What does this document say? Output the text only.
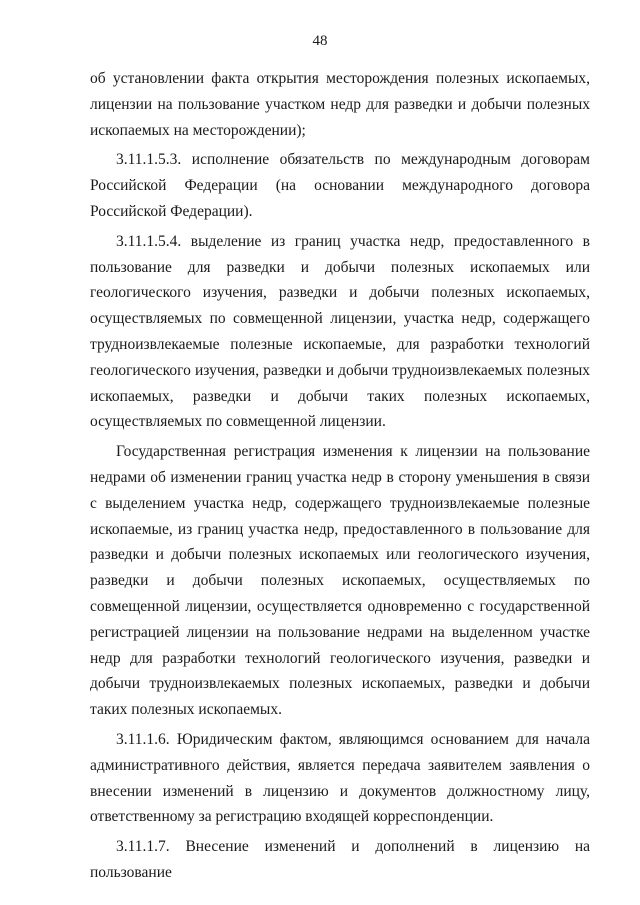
48

об установлении факта открытия месторождения полезных ископаемых, лицензии на пользование участком недр для разведки и добычи полезных ископаемых на месторождении);

3.11.1.5.3. исполнение обязательств по международным договорам Российской Федерации (на основании международного договора Российской Федерации).

3.11.1.5.4. выделение из границ участка недр, предоставленного в пользование для разведки и добычи полезных ископаемых или геологического изучения, разведки и добычи полезных ископаемых, осуществляемых по совмещенной лицензии, участка недр, содержащего трудноизвлекаемые полезные ископаемые, для разработки технологий геологического изучения, разведки и добычи трудноизвлекаемых полезных ископаемых, разведки и добычи таких полезных ископаемых, осуществляемых по совмещенной лицензии.

Государственная регистрация изменения к лицензии на пользование недрами об изменении границ участка недр в сторону уменьшения в связи с выделением участка недр, содержащего трудноизвлекаемые полезные ископаемые, из границ участка недр, предоставленного в пользование для разведки и добычи полезных ископаемых или геологического изучения, разведки и добычи полезных ископаемых, осуществляемых по совмещенной лицензии, осуществляется одновременно с государственной регистрацией лицензии на пользование недрами на выделенном участке недр для разработки технологий геологического изучения, разведки и добычи трудноизвлекаемых полезных ископаемых, разведки и добычи таких полезных ископаемых.

3.11.1.6. Юридическим фактом, являющимся основанием для начала административного действия, является передача заявителем заявления о внесении изменений в лицензию и документов должностному лицу, ответственному за регистрацию входящей корреспонденции.

3.11.1.7. Внесение изменений и дополнений в лицензию на пользование
